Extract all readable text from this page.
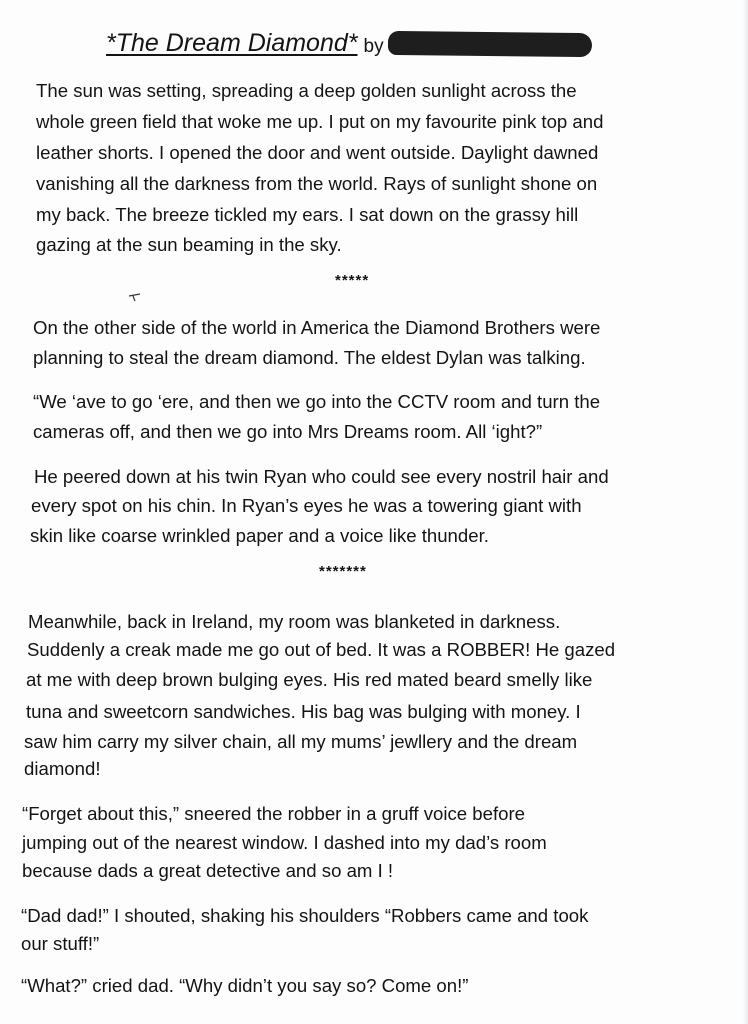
*The Dream Diamond* by
The sun was setting, spreading a deep golden sunlight across the
whole green field that woke me up. I put on my favourite pink top and
leather shorts. I opened the door and went outside. Daylight dawned
vanishing all the darkness from the world. Rays of sunlight shone on
my back. The breeze tickled my ears. I sat down on the grassy hill
gazing at the sun beaming in the sky.
*****
On the other side of the world in America the Diamond Brothers were
planning to steal the dream diamond. The eldest Dylan was talking.
“We ‘ave to go ‘ere, and then we go into the CCTV room and turn the
cameras off, and then we go into Mrs Dreams room. All ‘ight?”
He peered down at his twin Ryan who could see every nostril hair and
every spot on his chin. In Ryan’s eyes he was a towering giant with
skin like coarse wrinkled paper and a voice like thunder.
*******
Meanwhile, back in Ireland, my room was blanketed in darkness.
Suddenly a creak made me go out of bed. It was a ROBBER! He gazed
at me with deep brown bulging eyes. His red mated beard smelly like
tuna and sweetcorn sandwiches. His bag was bulging with money. I
saw him carry my silver chain, all my mums’ jewllery and the dream
diamond!
“Forget about this,” sneered the robber in a gruff voice before
jumping out of the nearest window. I dashed into my dad’s room
because dads a great detective and so am I !
“Dad dad!” I shouted, shaking his shoulders “Robbers came and took
our stuff!”
“What?” cried dad. “Why didn’t you say so? Come on!”
